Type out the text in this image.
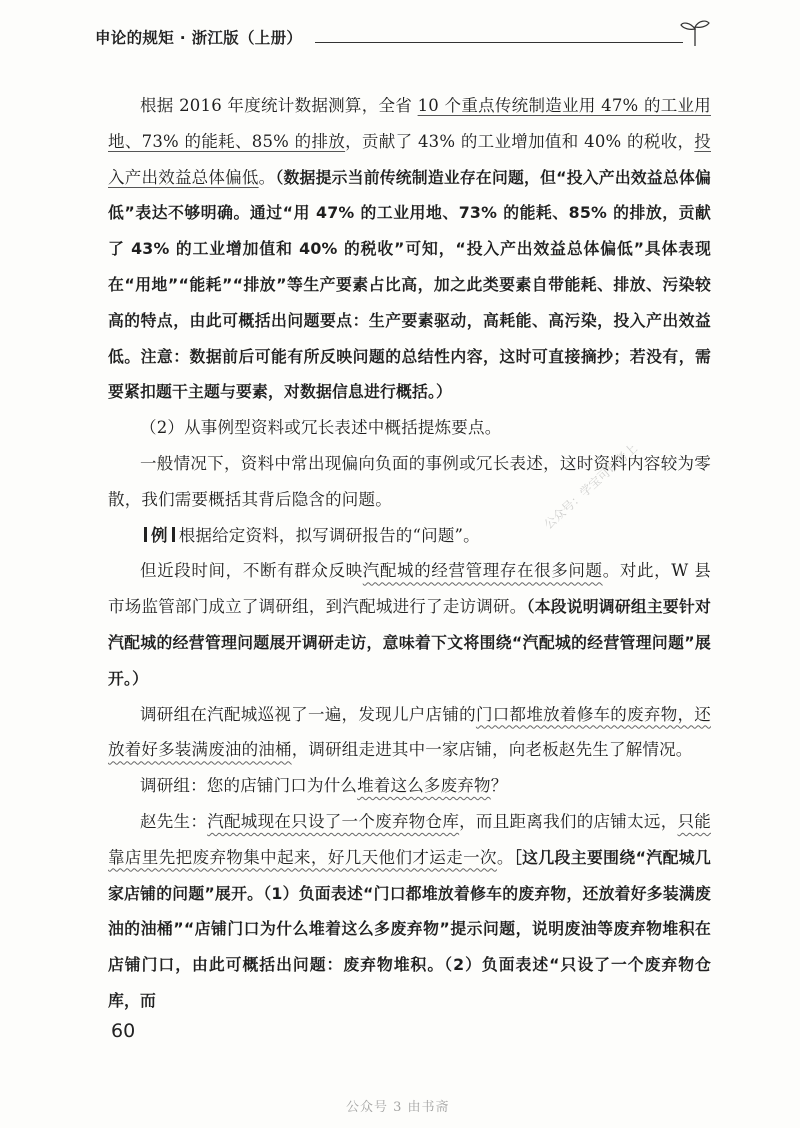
申论的规矩 · 浙江版（上册）

根据 2016 年度统计数据测算，全省 10 个重点传统制造业用 47% 的工业用地、73% 的能耗、85% 的排放，贡献了 43% 的工业增加值和 40% 的税收，投入产出效益总体偏低。（数据提示当前传统制造业存在问题，但“投入产出效益总体偏低”表达不够明确。通过“用 47% 的工业用地、73% 的能耗、85% 的排放，贡献了 43% 的工业增加值和 40% 的税收”可知，“投入产出效益总体偏低”具体表现在“用地”“能耗”“排放”等生产要素占比高，加之此类要素自带能耗、排放、污染较高的特点，由此可概括出问题要点：生产要素驱动，高耗能、高污染，投入产出效益低。注意：数据前后可能有所反映问题的总结性内容，这时可直接摘抄；若没有，需要紧扣题干主题与要素，对数据信息进行概括。）

（2）从事例型资料或冗长表述中概括提炼要点。

一般情况下，资料中常出现偏向负面的事例或冗长表述，这时资料内容较为零散，我们需要概括其背后隐含的问题。

例 根据给定资料，拟写调研报告的“问题”。

但近段时间，不断有群众反映汽配城的经营管理存在很多问题。对此，W 县市场监管部门成立了调研组，到汽配城进行了走访调研。（本段说明调研组主要针对汽配城的经营管理问题展开调研走访，意味着下文将围绕“汽配城的经营管理问题”展开。）

调研组在汽配城巡视了一遍，发现儿户店铺的门口都堆放着修车的废弃物，还放着好多装满废油的油桶，调研组走进其中一家店铺，向老板赵先生了解情况。

调研组：您的店铺门口为什么堆着这么多废弃物？

赵先生：汽配城现在只设了一个废弃物仓库，而且距离我们的店铺太远，只能靠店里先把废弃物集中起来，好几天他们才运走一次。［这几段主要围绕“汽配城几家店铺的问题”展开。（1）负面表述“门口都堆放着修车的废弃物，还放着好多装满废油的油桶”“店铺门口为什么堆着这么多废弃物”提示问题，说明废油等废弃物堆积在店铺门口，由此可概括出问题：废弃物堆积。（2）负面表述“只设了一个废弃物仓库，而

公众号：学宝可以考上
60
公众号 3 由书斋
